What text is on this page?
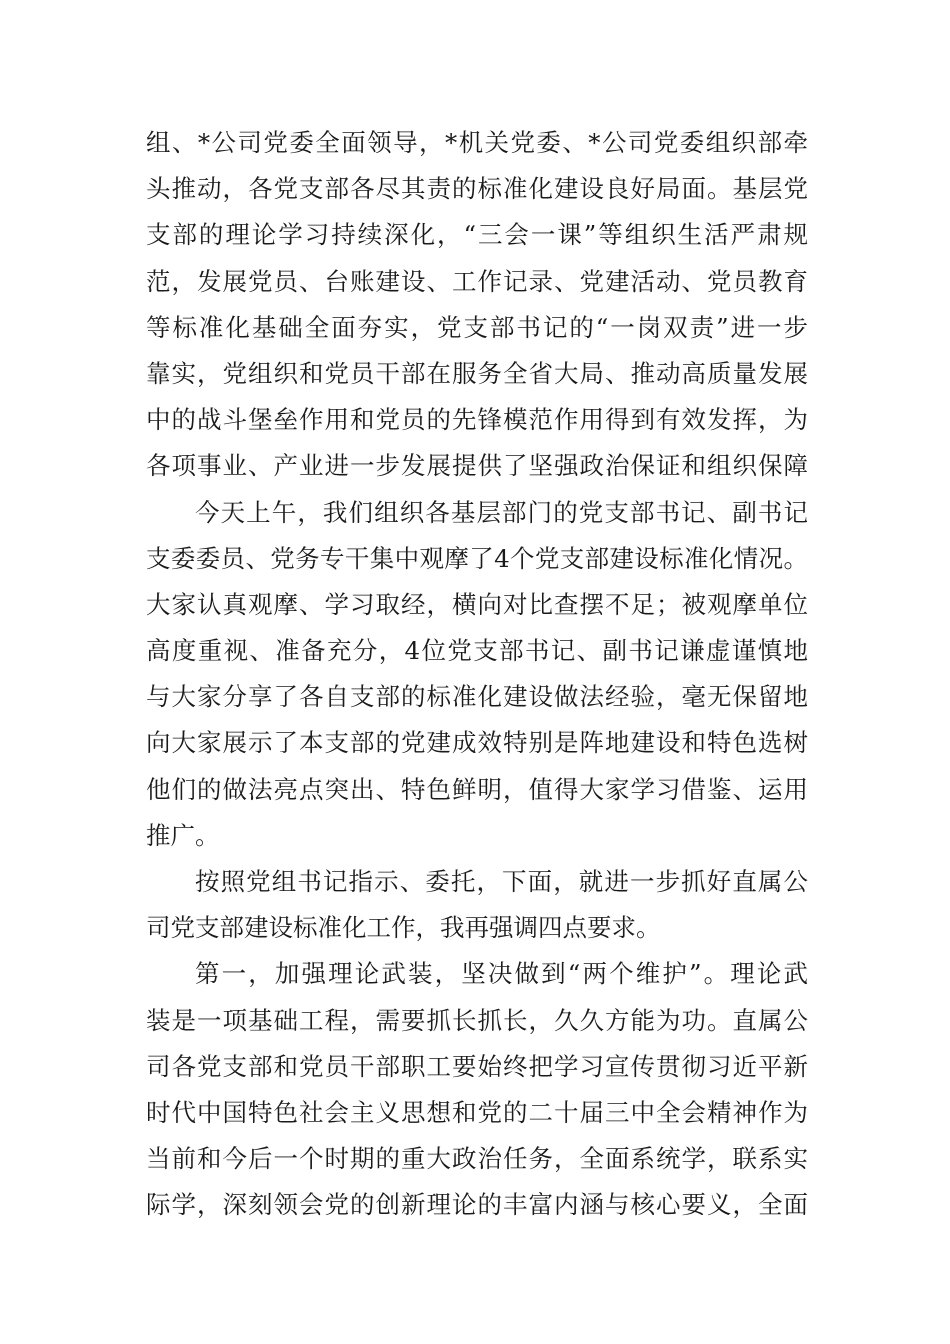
组、*公司党委全面领导，*机关党委、*公司党委组织部牵
头推动，各党支部各尽其责的标准化建设良好局面。基层党
支部的理论学习持续深化，“三会一课”等组织生活严肃规
范，发展党员、台账建设、工作记录、党建活动、党员教育
等标准化基础全面夯实，党支部书记的“一岗双责”进一步
靠实，党组织和党员干部在服务全省大局、推动高质量发展
中的战斗堡垒作用和党员的先锋模范作用得到有效发挥，为
各项事业、产业进一步发展提供了坚强政治保证和组织保障
今天上午，我们组织各基层部门的党支部书记、副书记
支委委员、党务专干集中观摩了4个党支部建设标准化情况。
大家认真观摩、学习取经，横向对比查摆不足；被观摩单位
高度重视、准备充分，4位党支部书记、副书记谦虚谨慎地
与大家分享了各自支部的标准化建设做法经验，毫无保留地
向大家展示了本支部的党建成效特别是阵地建设和特色选树
他们的做法亮点突出、特色鲜明，值得大家学习借鉴、运用
推广。
按照党组书记指示、委托，下面，就进一步抓好直属公
司党支部建设标准化工作，我再强调四点要求。
第一，加强理论武装，坚决做到“两个维护”。理论武
装是一项基础工程，需要抓长抓长，久久方能为功。直属公
司各党支部和党员干部职工要始终把学习宣传贯彻习近平新
时代中国特色社会主义思想和党的二十届三中全会精神作为
当前和今后一个时期的重大政治任务，全面系统学，联系实
际学，深刻领会党的创新理论的丰富内涵与核心要义，全面
